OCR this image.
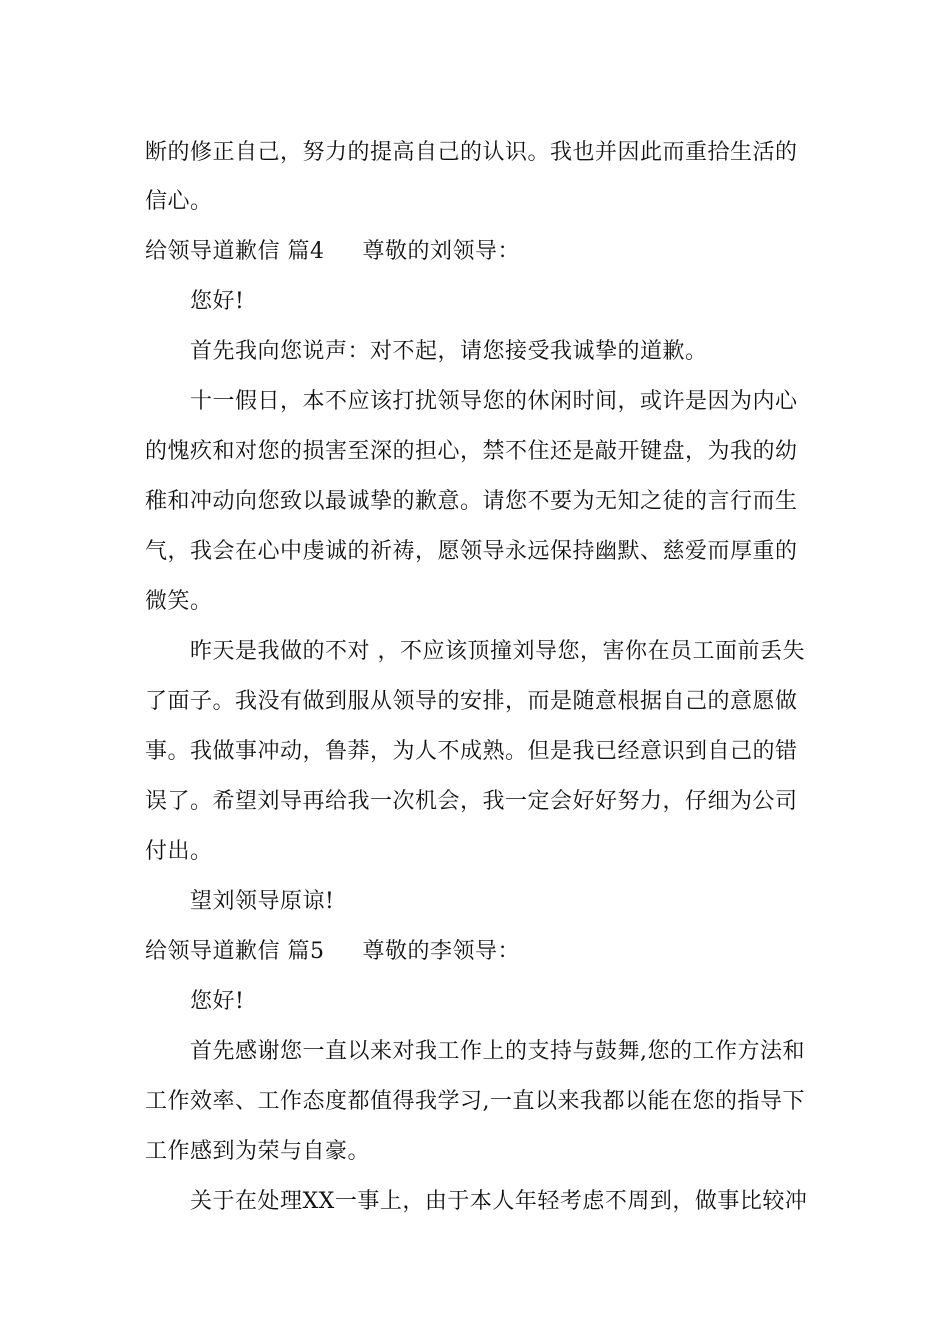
断的修正自己，努力的提高自己的认识。我也并因此而重拾生活的
信心。
给领导道歉信 篇4 尊敬的刘领导：
您好!
首先我向您说声：对不起，请您接受我诚挚的道歉。
十一假日，本不应该打扰领导您的休闲时间，或许是因为内心
的愧疚和对您的损害至深的担心，禁不住还是敲开键盘，为我的幼
稚和冲动向您致以最诚挚的歉意。请您不要为无知之徒的言行而生
气，我会在心中虔诚的祈祷，愿领导永远保持幽默、慈爱而厚重的
微笑。
昨天是我做的不对 ，不应该顶撞刘导您，害你在员工面前丢失
了面子。我没有做到服从领导的安排，而是随意根据自己的意愿做
事。我做事冲动，鲁莽，为人不成熟。但是我已经意识到自己的错
误了。希望刘导再给我一次机会，我一定会好好努力，仔细为公司
付出。
望刘领导原谅!
给领导道歉信 篇5 尊敬的李领导：
您好!
首先感谢您一直以来对我工作上的支持与鼓舞,您的工作方法和
工作效率、工作态度都值得我学习,一直以来我都以能在您的指导下
工作感到为荣与自豪。
关于在处理XX一事上，由于本人年轻考虑不周到，做事比较冲
